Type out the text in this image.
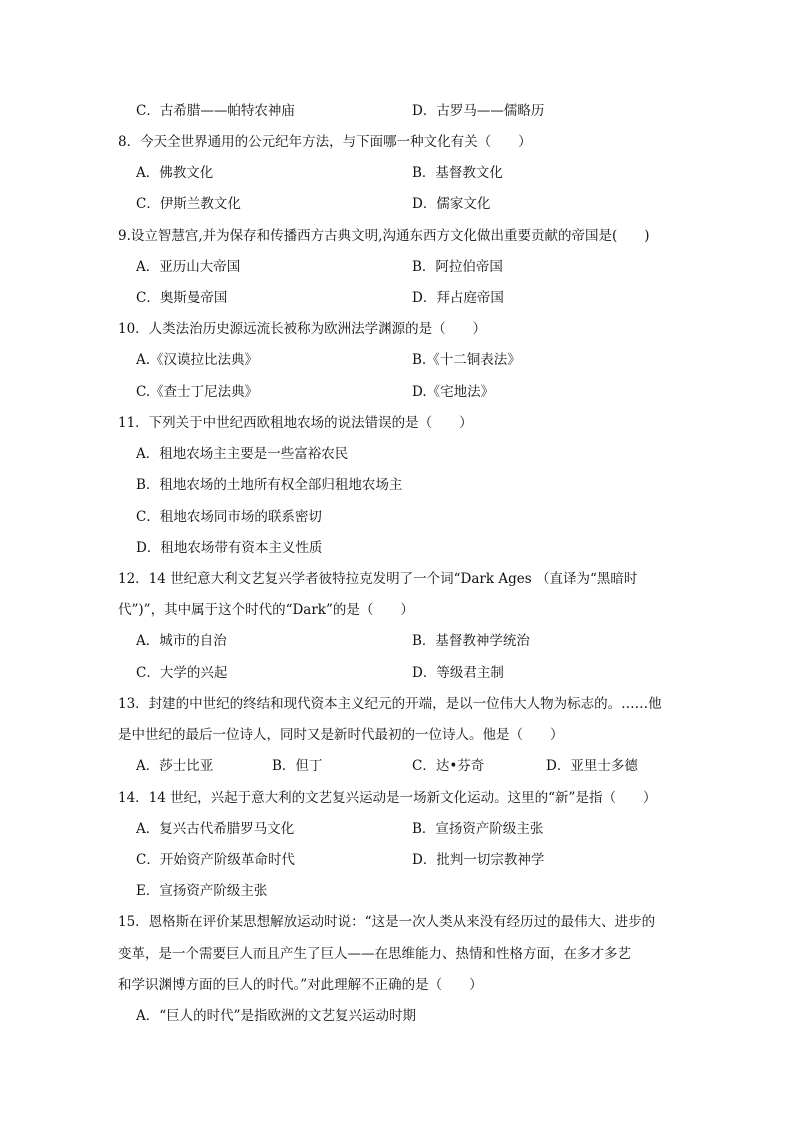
C．古希腊——帕特农神庙	D．古罗马——儒略历
8．今天全世界通用的公元纪年方法，与下面哪一种文化有关（　　）
A．佛教文化	B．基督教文化
C．伊斯兰教文化	D．儒家文化
9.设立智慧宫,并为保存和传播西方古典文明,沟通东西方文化做出重要贡献的帝国是(　　)
A．亚历山大帝国	B．阿拉伯帝国
C．奥斯曼帝国	D．拜占庭帝国
10．人类法治历史源远流长被称为欧洲法学渊源的是（　　）
A.《汉谟拉比法典》	B.《十二铜表法》
C.《查士丁尼法典》	D.《宅地法》
11．下列关于中世纪西欧租地农场的说法错误的是（　　）
A．租地农场主主要是一些富裕农民
B．租地农场的土地所有权全部归租地农场主
C．租地农场同市场的联系密切
D．租地农场带有资本主义性质
12．14 世纪意大利文艺复兴学者彼特拉克发明了一个词“Dark Ages （直译为“黑暗时
代”)”，其中属于这个时代的“Dark”的是（　　）
A．城市的自治	B．基督教神学统治
C．大学的兴起	D．等级君主制
13．封建的中世纪的终结和现代资本主义纪元的开端，是以一位伟大人物为标志的。……他
是中世纪的最后一位诗人，同时又是新时代最初的一位诗人。他是（　　）
A．莎士比亚	B．但丁	C．达•芬奇	D．亚里士多德
14．14 世纪，兴起于意大利的文艺复兴运动是一场新文化运动。这里的“新”是指（　　）
A．复兴古代希腊罗马文化	B．宣扬资产阶级主张
C．开始资产阶级革命时代	D．批判一切宗教神学
E．宣扬资产阶级主张
15．恩格斯在评价某思想解放运动时说：“这是一次人类从来没有经历过的最伟大、进步的
变革，是一个需要巨人而且产生了巨人——在思维能力、热情和性格方面，在多才多艺
和学识渊博方面的巨人的时代。”对此理解不正确的是（　　）
A．“巨人的时代”是指欧洲的文艺复兴运动时期
